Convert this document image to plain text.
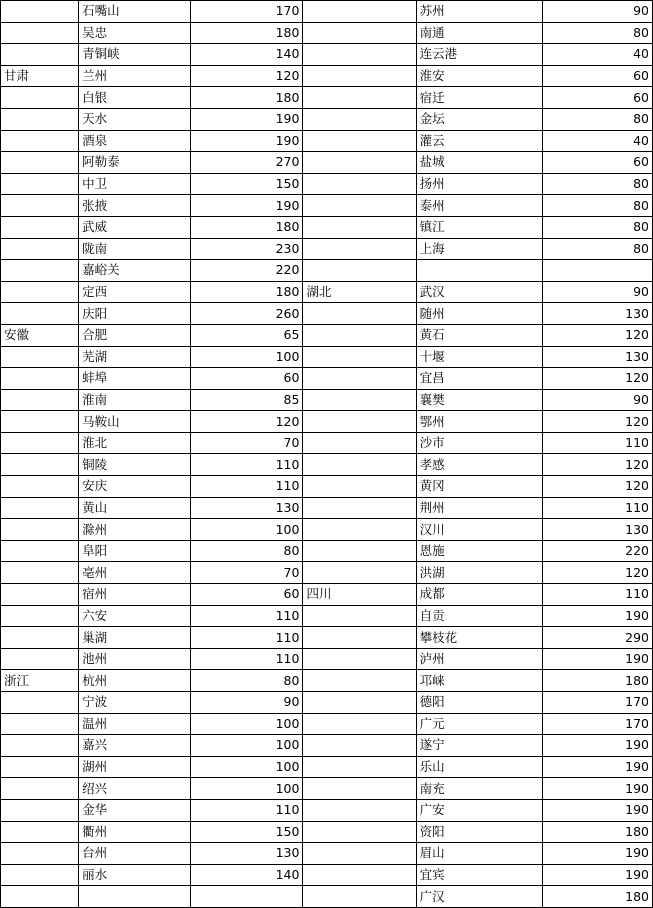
	石嘴山	170		苏州	90
	吴忠	180		南通	80
	青铜峡	140		连云港	40
甘肃	兰州	120		淮安	60
	白银	180		宿迁	60
	天水	190		金坛	80
	酒泉	190		灌云	40
	阿勒泰	270		盐城	60
	中卫	150		扬州	80
	张掖	190		泰州	80
	武威	180		镇江	80
	陇南	230		上海	80
	嘉峪关	220			
	定西	180	湖北	武汉	90
	庆阳	260		随州	130
安徽	合肥	65		黄石	120
	芜湖	100		十堰	130
	蚌埠	60		宜昌	120
	淮南	85		襄樊	90
	马鞍山	120		鄂州	120
	淮北	70		沙市	110
	铜陵	110		孝感	120
	安庆	110		黄冈	120
	黄山	130		荆州	110
	滁州	100		汉川	130
	阜阳	80		恩施	220
	亳州	70		洪湖	120
	宿州	60	四川	成都	110
	六安	110		自贡	190
	巢湖	110		攀枝花	290
	池州	110		泸州	190
浙江	杭州	80		邛崃	180
	宁波	90		德阳	170
	温州	100		广元	170
	嘉兴	100		遂宁	190
	湖州	100		乐山	190
	绍兴	100		南充	190
	金华	110		广安	190
	衢州	150		资阳	180
	台州	130		眉山	190
	丽水	140		宜宾	190
				广汉	180
